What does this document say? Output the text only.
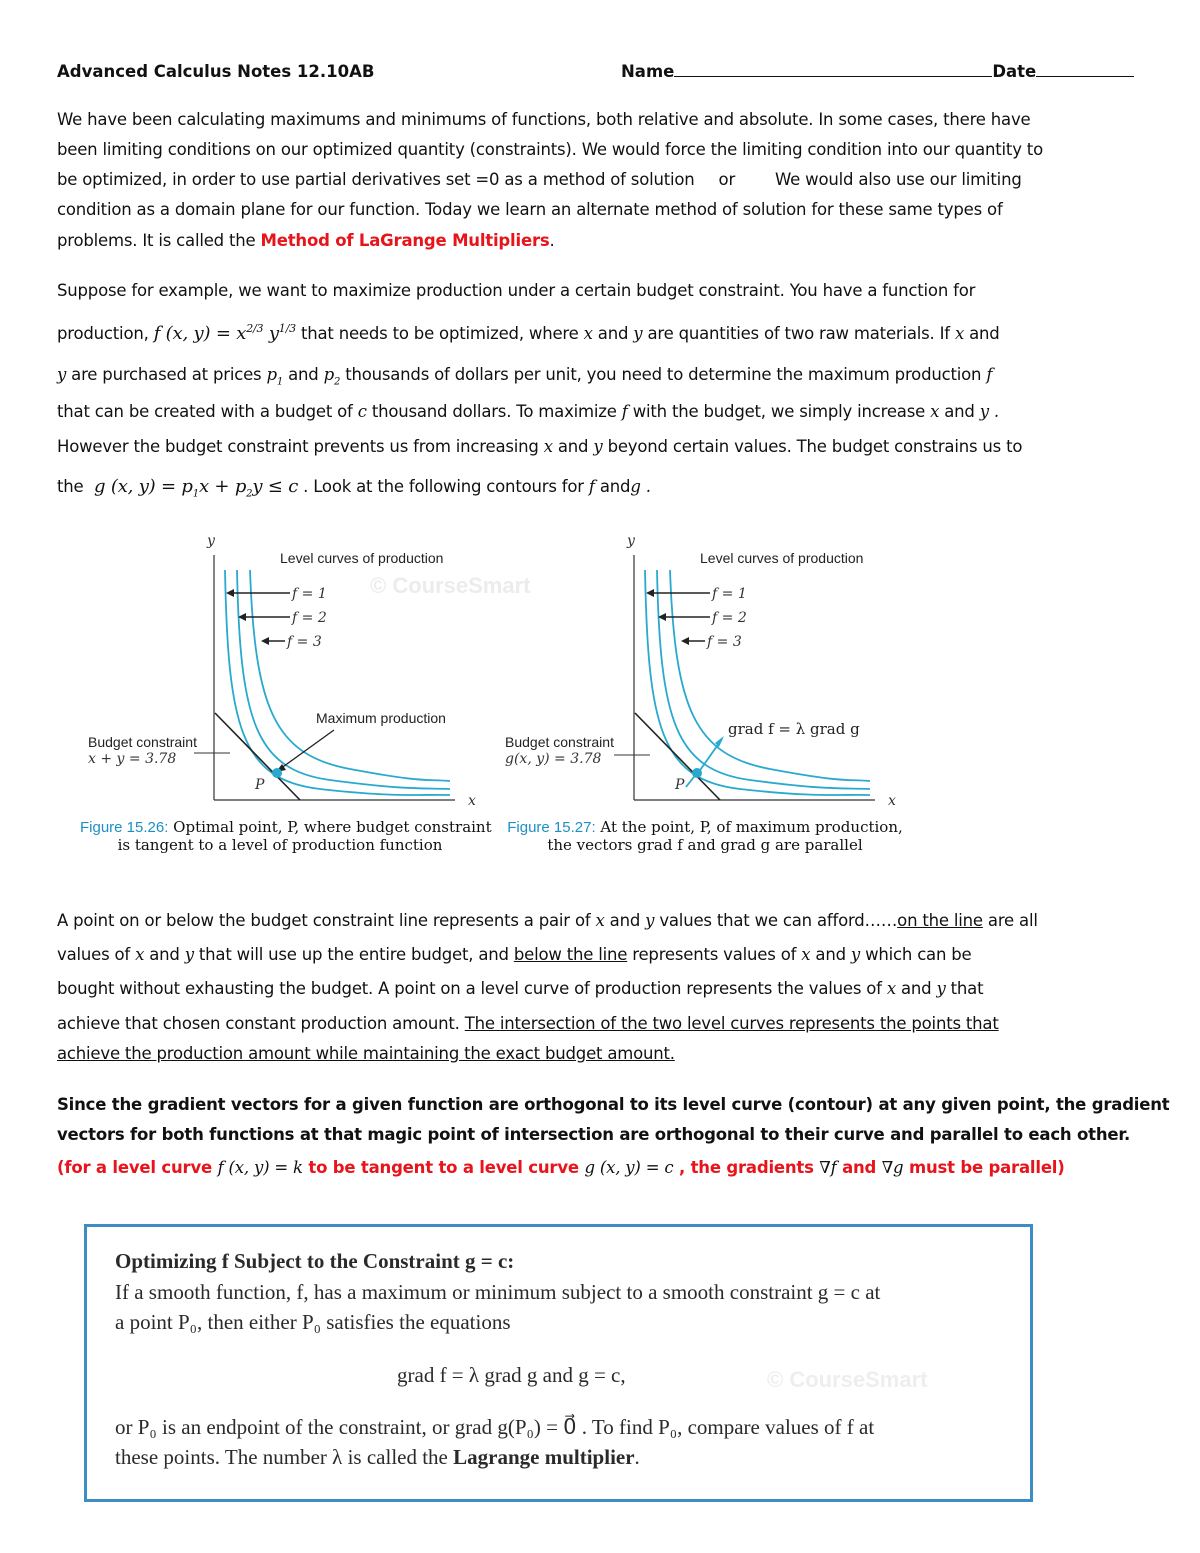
Advanced Calculus Notes 12.10AB	Name	Date
We have been calculating maximums and minimums of functions, both relative and absolute. In some cases, there have
been limiting conditions on our optimized quantity (constraints). We would force the limiting condition into our quantity to
be optimized, in order to use partial derivatives set =0 as a method of solution or We would also use our limiting
condition as a domain plane for our function. Today we learn an alternate method of solution for these same types of
problems. It is called the Method of LaGrange Multipliers.
Suppose for example, we want to maximize production under a certain budget constraint. You have a function for
production, f (x, $y) = x^{2/3}$ $y^{1/3}$ that needs to be optimized, where x and y are quantities of two raw materials. If x and
y are purchased at prices $p_1$ and $p_2$ thousands of dollars per unit, you need to determine the maximum production f
that can be created with a budget of c thousand dollars. To maximize f with the budget, we simply increase x and y .
However the budget constraint prevents us from increasing x and y beyond certain values. The budget constrains us to
the  g (x, $y) = p_1x + p_2y \le c$ . Look at the following contours for f andg .
y
x
Level curves of production
© CourseSmart
f = 1
f = 2
f = 3
Maximum production
P
Budget constraint
x + y = 3.78
Figure 15.26: Optimal point, P, where budget constraint
is tangent to a level of production function
y
x
Level curves of production
f = 1
f = 2
f = 3
grad f = λ grad g
P
Budget constraint
g(x, y) = 3.78
Figure 15.27: At the point, P, of maximum production,
the vectors grad f and grad g are parallel
A point on or below the budget constraint line represents a pair of x and y values that we can afford……on the line are all
values of x and y that will use up the entire budget, and below the line represents values of x and y which can be
bought without exhausting the budget. A point on a level curve of production represents the values of x and y that
achieve that chosen constant production amount. The intersection of the two level curves represents the points that
achieve the production amount while maintaining the exact budget amount.
Since the gradient vectors for a given function are orthogonal to its level curve (contour) at any given point, the gradient
vectors for both functions at that magic point of intersection are orthogonal to their curve and parallel to each other.
(for a level curve f (x, y) = k to be tangent to a level curve g (x, y) = c , the gradients ∇f and ∇g must be parallel)
Optimizing f Subject to the Constraint g = c:
If a smooth function, f, has a maximum or minimum subject to a smooth constraint g = c at
a point P₀, then either P₀ satisfies the equations
grad f = λ grad g and g = c,	© CourseSmart
or P₀ is an endpoint of the constraint, or grad g(P₀) = 0⃗ . To find P₀, compare values of f at
these points. The number λ is called the Lagrange multiplier.
